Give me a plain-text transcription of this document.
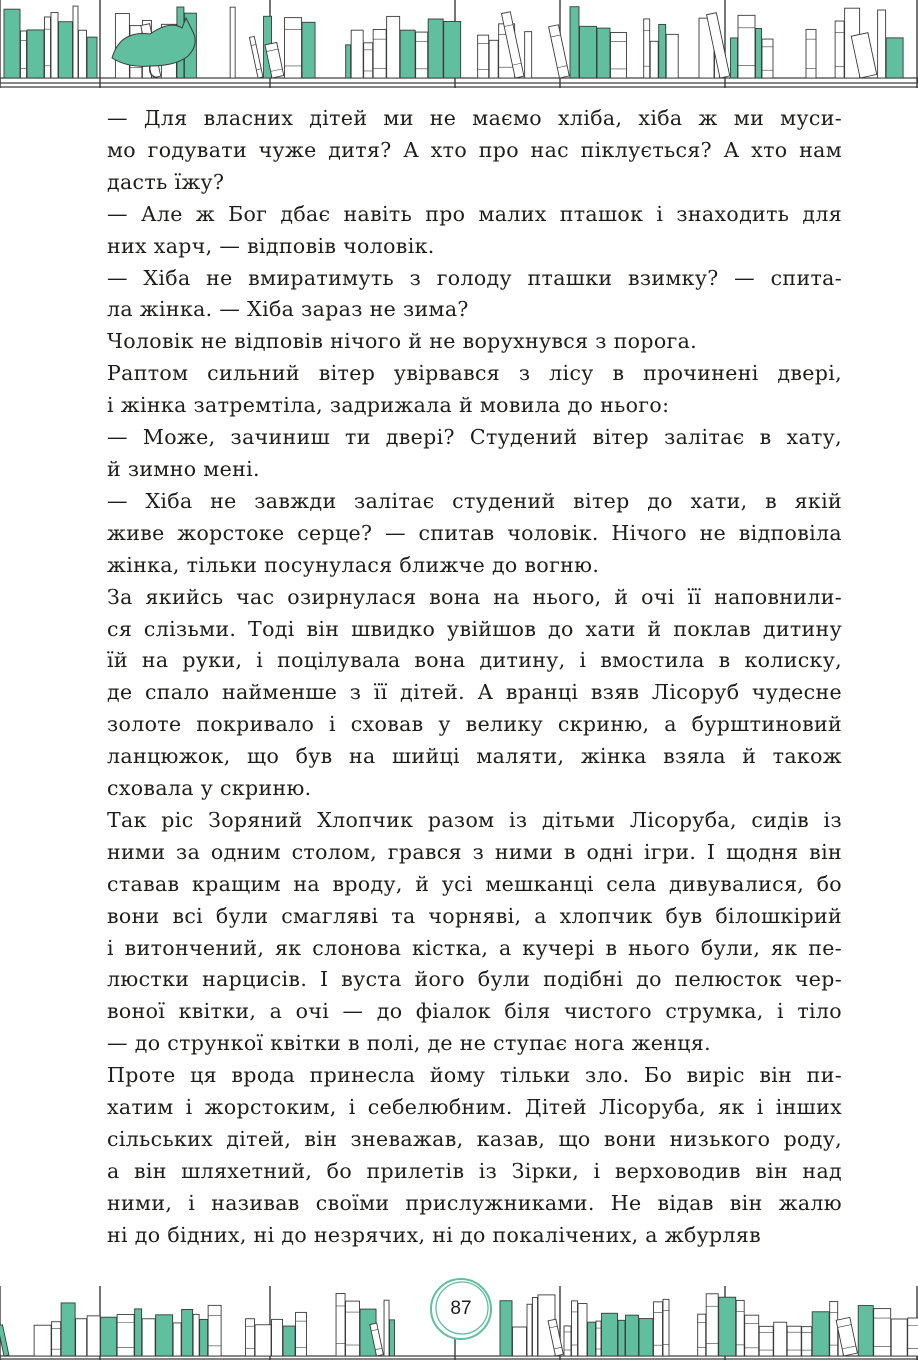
— Для власних дітей ми не маємо хліба, хіба ж ми муси-
мо годувати чуже дитя? А хто про нас піклується? А хто нам
дасть їжу?

— Але ж Бог дбає навіть про малих пташок і знаходить для
них харч, — відповів чоловік.

— Хіба не вмиратимуть з голоду пташки взимку? — спита-
ла жінка. — Хіба зараз не зима?

Чоловік не відповів нічого й не ворухнувся з порога.

Раптом сильний вітер увірвався з лісу в прочинені двері,
і жінка затремтіла, задрижала й мовила до нього:

— Може, зачиниш ти двері? Студений вітер залітає в хату,
й зимно мені.

— Хіба не завжди залітає студений вітер до хати, в якій
живе жорстоке серце? — спитав чоловік. Нічого не відповіла
жінка, тільки посунулася ближче до вогню.

За якийсь час озирнулася вона на нього, й очі її наповнили-
ся слізьми. Тоді він швидко увійшов до хати й поклав дитину
їй на руки, і поцілувала вона дитину, і вмостила в колиску,
де спало найменше з її дітей. А вранці взяв Лісоруб чудесне
золоте покривало і сховав у велику скриню, а бурштиновий
ланцюжок, що був на шийці маляти, жінка взяла й також
сховала у скриню.

Так ріс Зоряний Хлопчик разом із дітьми Лісоруба, сидів із
ними за одним столом, грався з ними в одні ігри. І щодня він
ставав кращим на вроду, й усі мешканці села дивувалися, бо
вони всі були смагляві та чорняві, а хлопчик був білошкірий
і витончений, як слонова кістка, а кучері в нього були, як пе-
люстки нарцисів. І вуста його були подібні до пелюсток чер-
воної квітки, а очі — до фіалок біля чистого струмка, і тіло
— до стрункої квітки в полі, де не ступає нога женця.

Проте ця врода принесла йому тільки зло. Бо виріс він пи-
хатим і жорстоким, і себелюбним. Дітей Лісоруба, як і інших
сільських дітей, він зневажав, казав, що вони низького роду,
а він шляхетний, бо прилетів із Зірки, і верховодив він над
ними, і називав своїми прислужниками. Не відав він жалю
ні до бідних, ні до незрячих, ні до покалічених, а жбурляв

87
